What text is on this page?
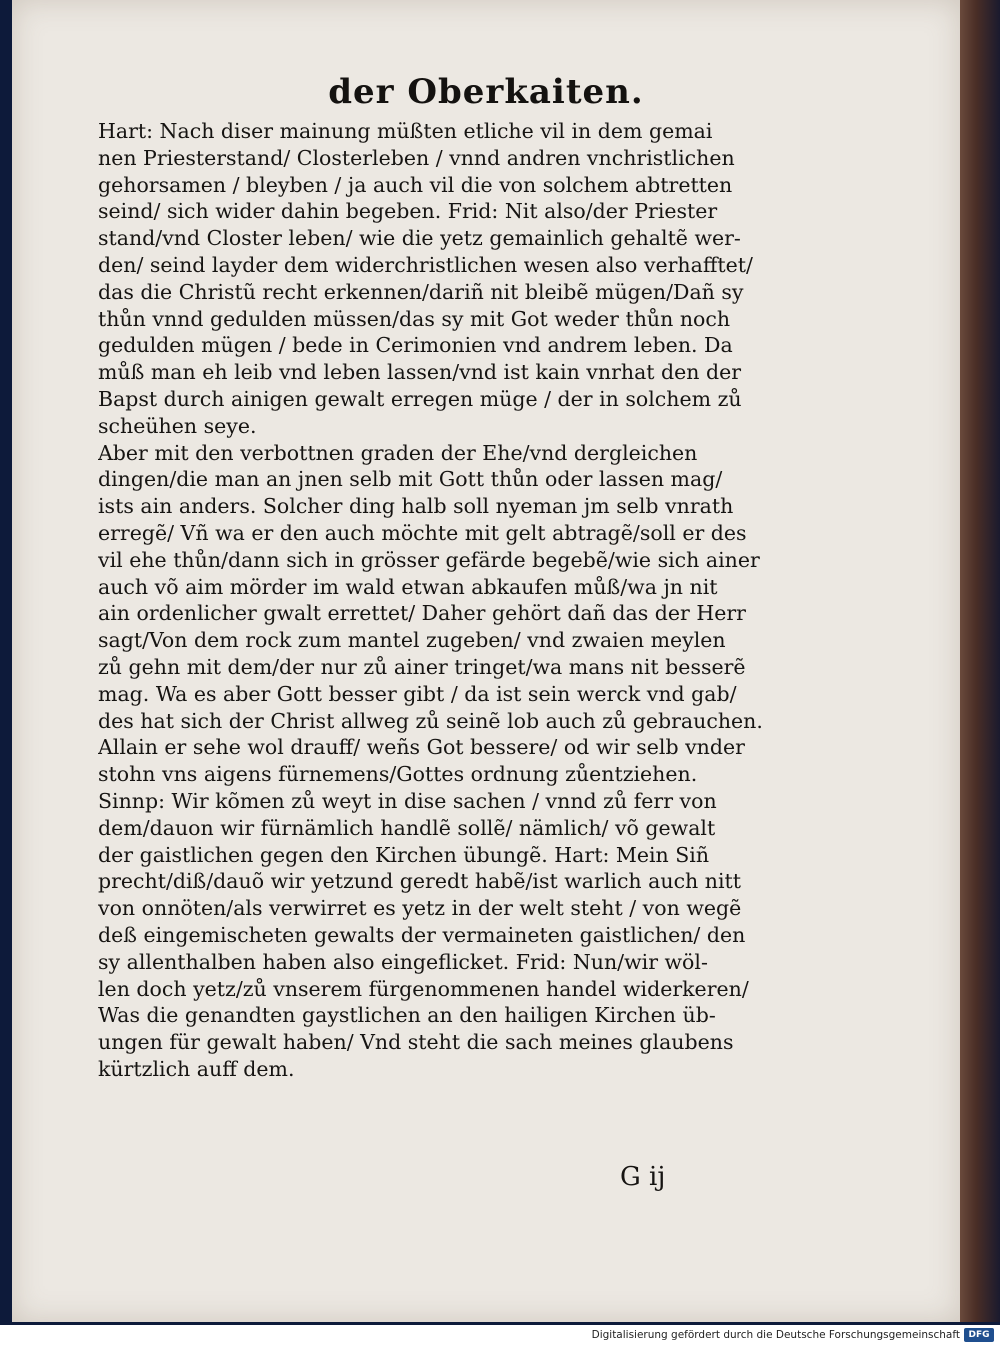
der Oberkaiten.
Hart: Nach diser mainung müßten etliche vil in dem gemai
nen Priesterstand/ Closterleben / vnnd andren vnchristlichen
gehorsamen / bleyben / ja auch vil die von solchem abtretten
seind/ sich wider dahin begeben. Frid: Nit also/der Priester
stand/vnd Closter leben/ wie die yetz gemainlich gehaltẽ wer-
den/ seind layder dem widerchristlichen wesen also verhafftet/
das die Christũ recht erkennen/dariñ nit bleibẽ mügen/Dañ sy
thůn vnnd gedulden müssen/das sy mit Got weder thůn noch
gedulden mügen / bede in Cerimonien vnd andrem leben. Da
můß man eh leib vnd leben lassen/vnd ist kain vnrhat den der
Bapst durch ainigen gewalt erregen müge / der in solchem zů
scheühen seye.
Aber mit den verbottnen graden der Ehe/vnd dergleichen
dingen/die man an jnen selb mit Gott thůn oder lassen mag/
ists ain anders. Solcher ding halb soll nyeman jm selb vnrath
erregẽ/ Vñ wa er den auch möchte mit gelt abtragẽ/soll er des
vil ehe thůn/dann sich in grösser gefärde begebẽ/wie sich ainer
auch võ aim mörder im wald etwan abkaufen můß/wa jn nit
ain ordenlicher gwalt errettet/ Daher gehört dañ das der Herr
sagt/Von dem rock zum mantel zugeben/ vnd zwaien meylen
zů gehn mit dem/der nur zů ainer tringet/wa mans nit besserẽ
mag. Wa es aber Gott besser gibt / da ist sein werck vnd gab/
des hat sich der Christ allweg zů seinẽ lob auch zů gebrauchen.
Allain er sehe wol drauff/ weñs Got bessere/ od wir selb vnder
stohn vns aigens fürnemens/Gottes ordnung zůentziehen.
Sinnp: Wir kõmen zů weyt in dise sachen / vnnd zů ferr von
dem/dauon wir fürnämlich handlẽ sollẽ/ nämlich/ võ gewalt
der gaistlichen gegen den Kirchen übungẽ. Hart: Mein Siñ
precht/diß/dauõ wir yetzund geredt habẽ/ist warlich auch nitt
von onnöten/als verwirret es yetz in der welt steht / von wegẽ
deß eingemischeten gewalts der vermaineten gaistlichen/ den
sy allenthalben haben also eingeflicket. Frid: Nun/wir wöl-
len doch yetz/zů vnserem fürgenommenen handel widerkeren/
Was die genandten gaystlichen an den hailigen Kirchen üb-
ungen für gewalt haben/ Vnd steht die sach meines glaubens
kürtzlich auff dem.
G ij
Digitalisierung gefördert durch die Deutsche Forschungsgemeinschaft DFG
